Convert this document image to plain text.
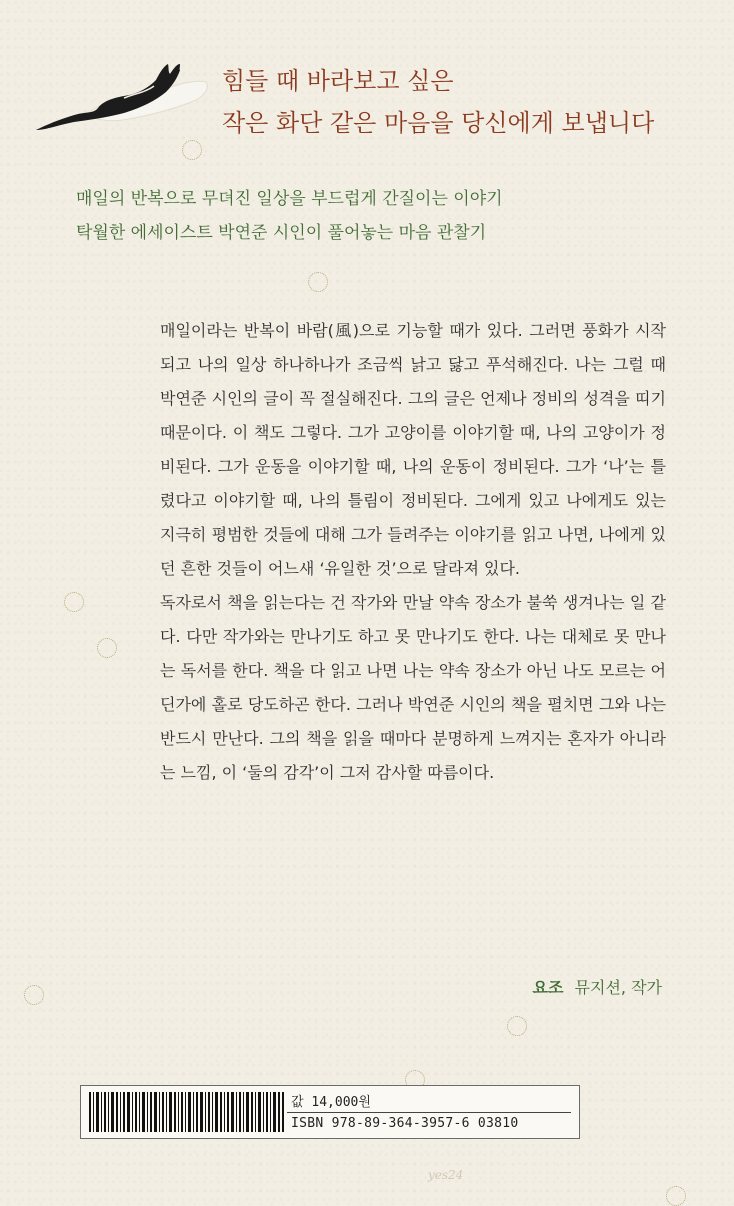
힘들 때 바라보고 싶은
작은 화단 같은 마음을 당신에게 보냅니다
매일의 반복으로 무뎌진 일상을 부드럽게 간질이는 이야기
탁월한 에세이스트 박연준 시인이 풀어놓는 마음 관찰기

매일이라는 반복이 바람(風)으로 기능할 때가 있다. 그러면 풍화가 시작되고 나의 일상 하나하나가 조금씩 낡고 닳고 푸석해진다. 나는 그럴 때 박연준 시인의 글이 꼭 절실해진다. 그의 글은 언제나 정비의 성격을 띠기 때문이다. 이 책도 그렇다. 그가 고양이를 이야기할 때, 나의 고양이가 정비된다. 그가 운동을 이야기할 때, 나의 운동이 정비된다. 그가 ‘나’는 틀렸다고 이야기할 때, 나의 틀림이 정비된다. 그에게 있고 나에게도 있는 지극히 평범한 것들에 대해 그가 들려주는 이야기를 읽고 나면, 나에게 있던 흔한 것들이 어느새 ‘유일한 것’으로 달라져 있다.

독자로서 책을 읽는다는 건 작가와 만날 약속 장소가 불쑥 생겨나는 일 같다. 다만 작가와는 만나기도 하고 못 만나기도 한다. 나는 대체로 못 만나는 독서를 한다. 책을 다 읽고 나면 나는 약속 장소가 아닌 나도 모르는 어딘가에 홀로 당도하곤 한다. 그러나 박연준 시인의 책을 펼치면 그와 나는 반드시 만난다. 그의 책을 읽을 때마다 분명하게 느껴지는 혼자가 아니라는 느낌, 이 ‘둘의 감각’이 그저 감사할 따름이다.

요조 뮤지션, 작가
값 14,000원
ISBN 978-89-364-3957-6 03810
yes24
